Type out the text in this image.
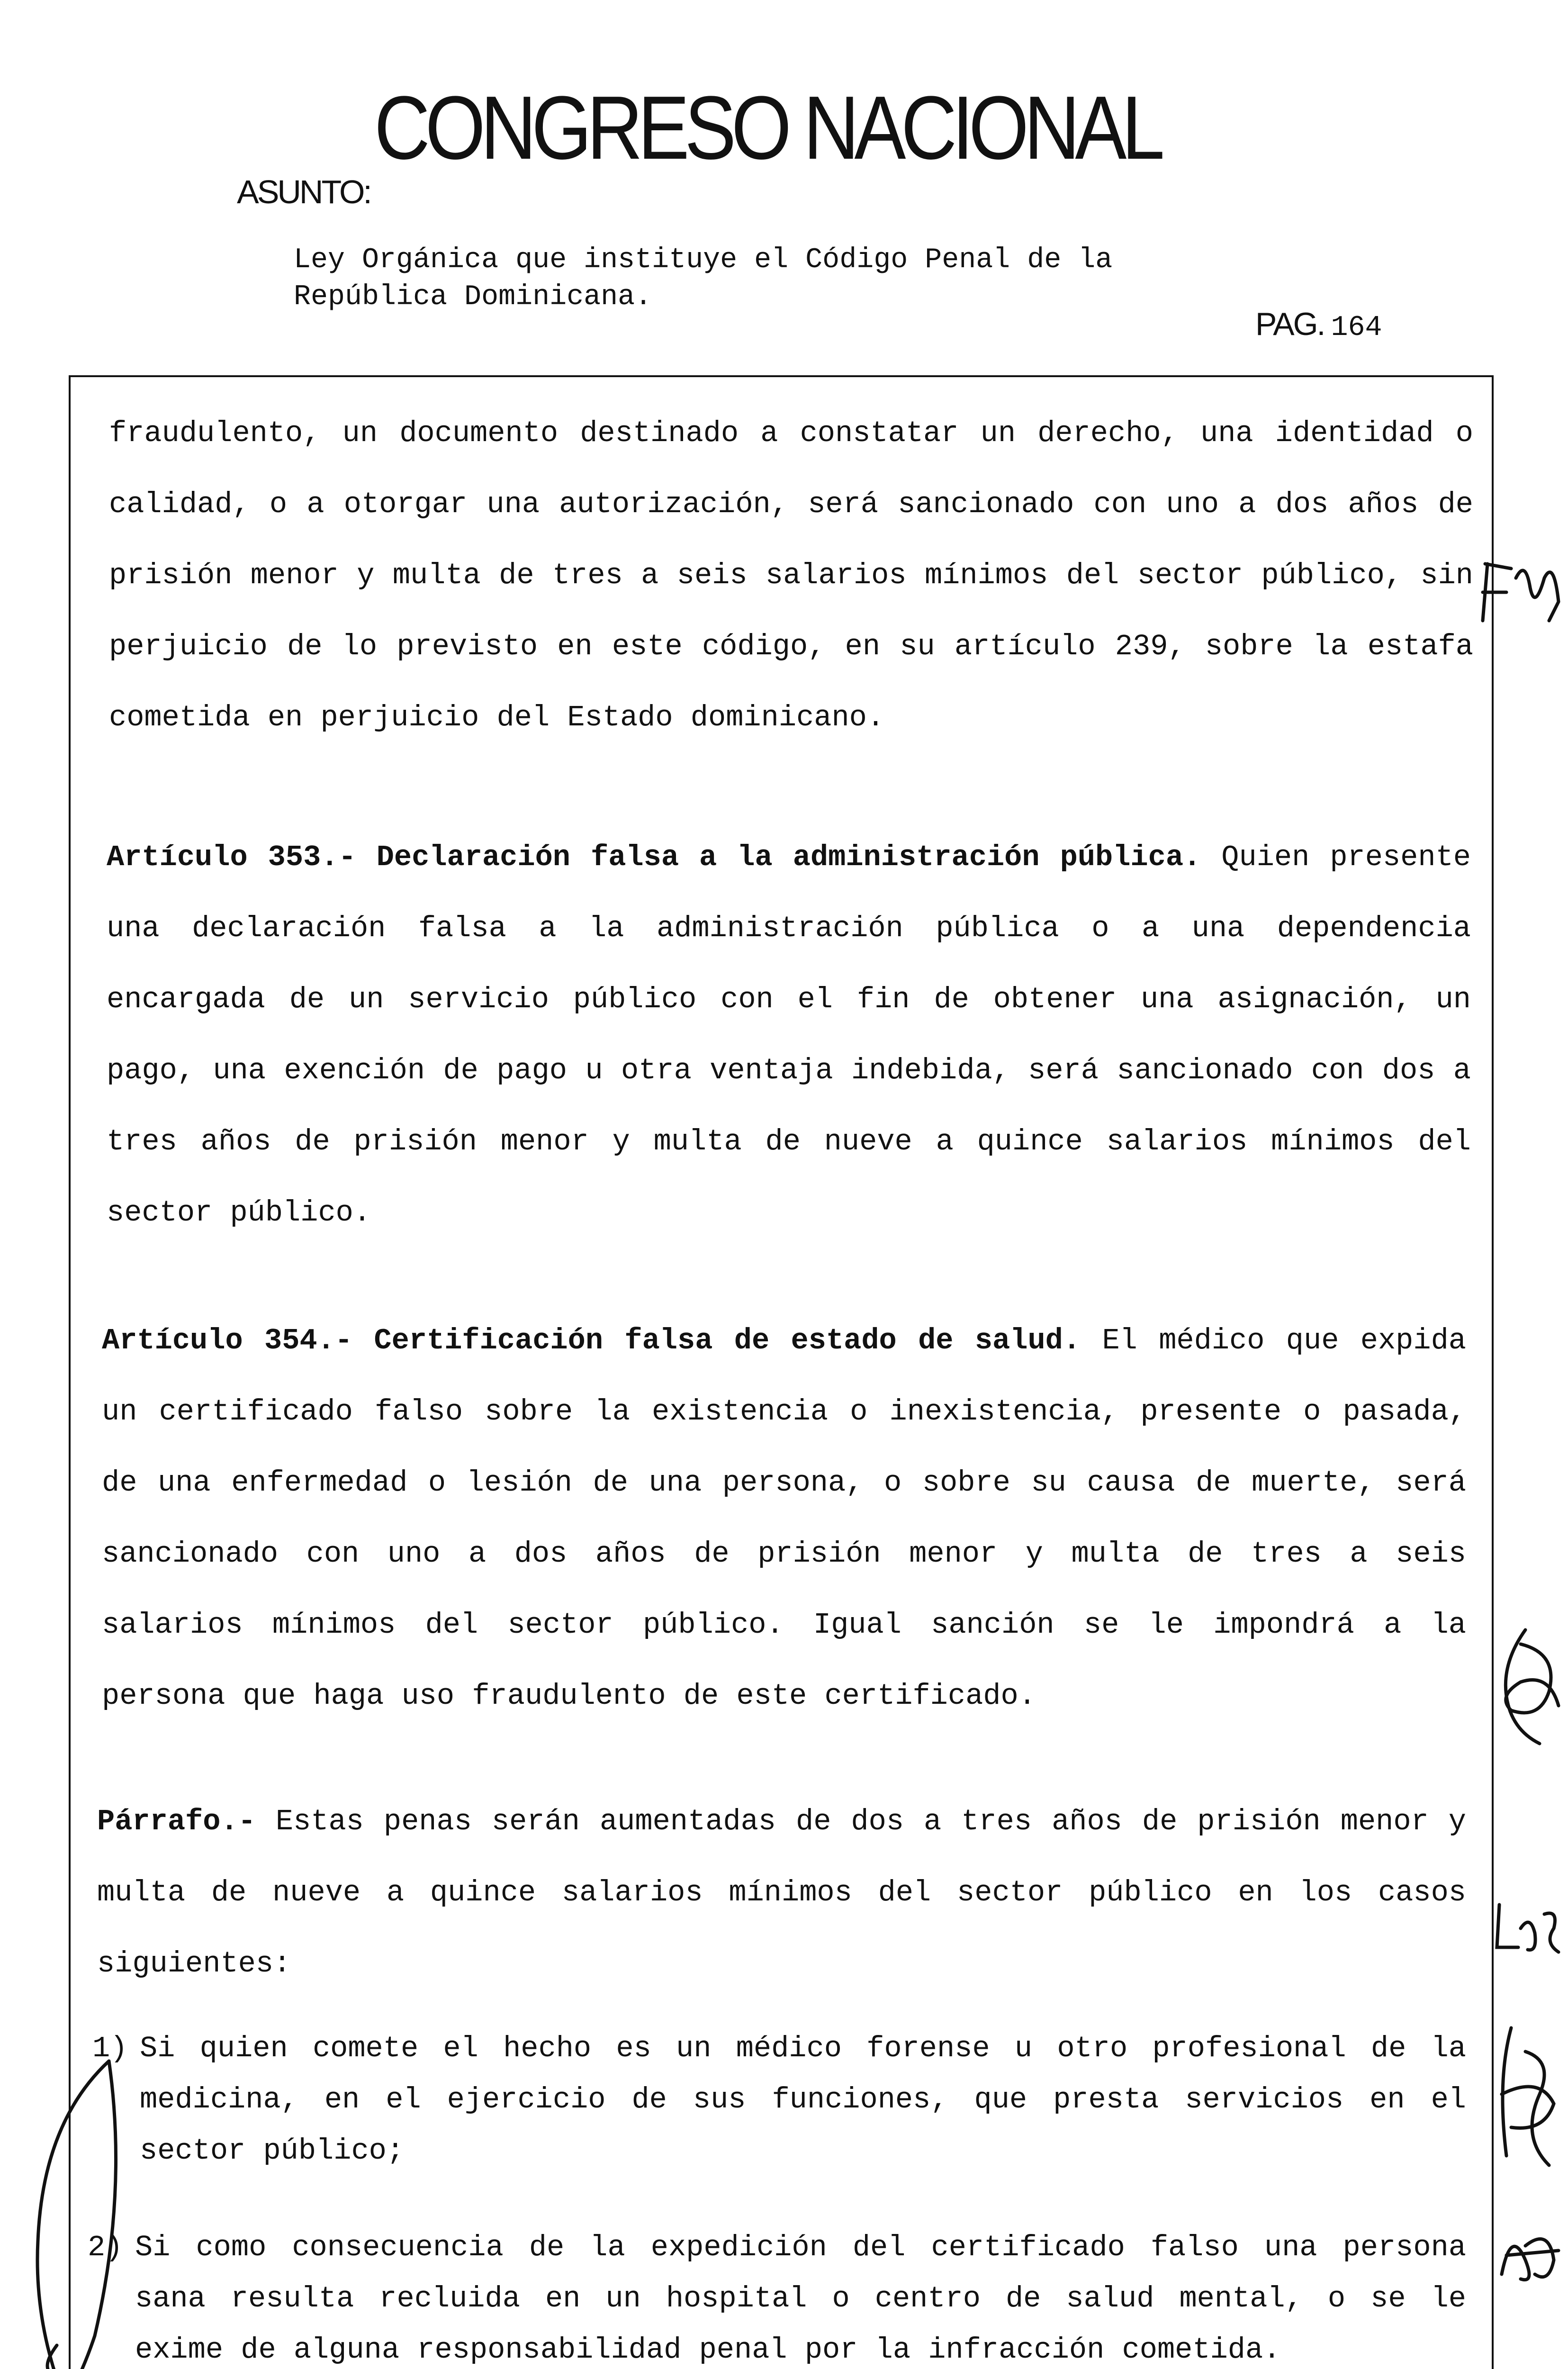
CONGRESO NACIONAL
ASUNTO:
Ley Orgánica que instituye el Código Penal de la
República Dominicana.
PAG. 164
fraudulento, un documento destinado a constatar un derecho, una identidad o calidad, o a otorgar una autorización, será sancionado con uno a dos años de prisión menor y multa de tres a seis salarios mínimos del sector público, sin perjuicio de lo previsto en este código, en su artículo 239, sobre la estafa cometida en perjuicio del Estado dominicano.
Artículo 353.- Declaración falsa a la administración pública. Quien presente una declaración falsa a la administración pública o a una dependencia encargada de un servicio público con el fin de obtener una asignación, un pago, una exención de pago u otra ventaja indebida, será sancionado con dos a tres años de prisión menor y multa de nueve a quince salarios mínimos del sector público.
Artículo 354.- Certificación falsa de estado de salud. El médico que expida un certificado falso sobre la existencia o inexistencia, presente o pasada, de una enfermedad o lesión de una persona, o sobre su causa de muerte, será sancionado con uno a dos años de prisión menor y multa de tres a seis salarios mínimos del sector público. Igual sanción se le impondrá a la persona que haga uso fraudulento de este certificado.
Párrafo.- Estas penas serán aumentadas de dos a tres años de prisión menor y multa de nueve a quince salarios mínimos del sector público en los casos siguientes:
1) Si quien comete el hecho es un médico forense u otro profesional de la medicina, en el ejercicio de sus funciones, que presta servicios en el sector público;
2) Si como consecuencia de la expedición del certificado falso una persona sana resulta recluida en un hospital o centro de salud mental, o se le exime de alguna responsabilidad penal por la infracción cometida.
